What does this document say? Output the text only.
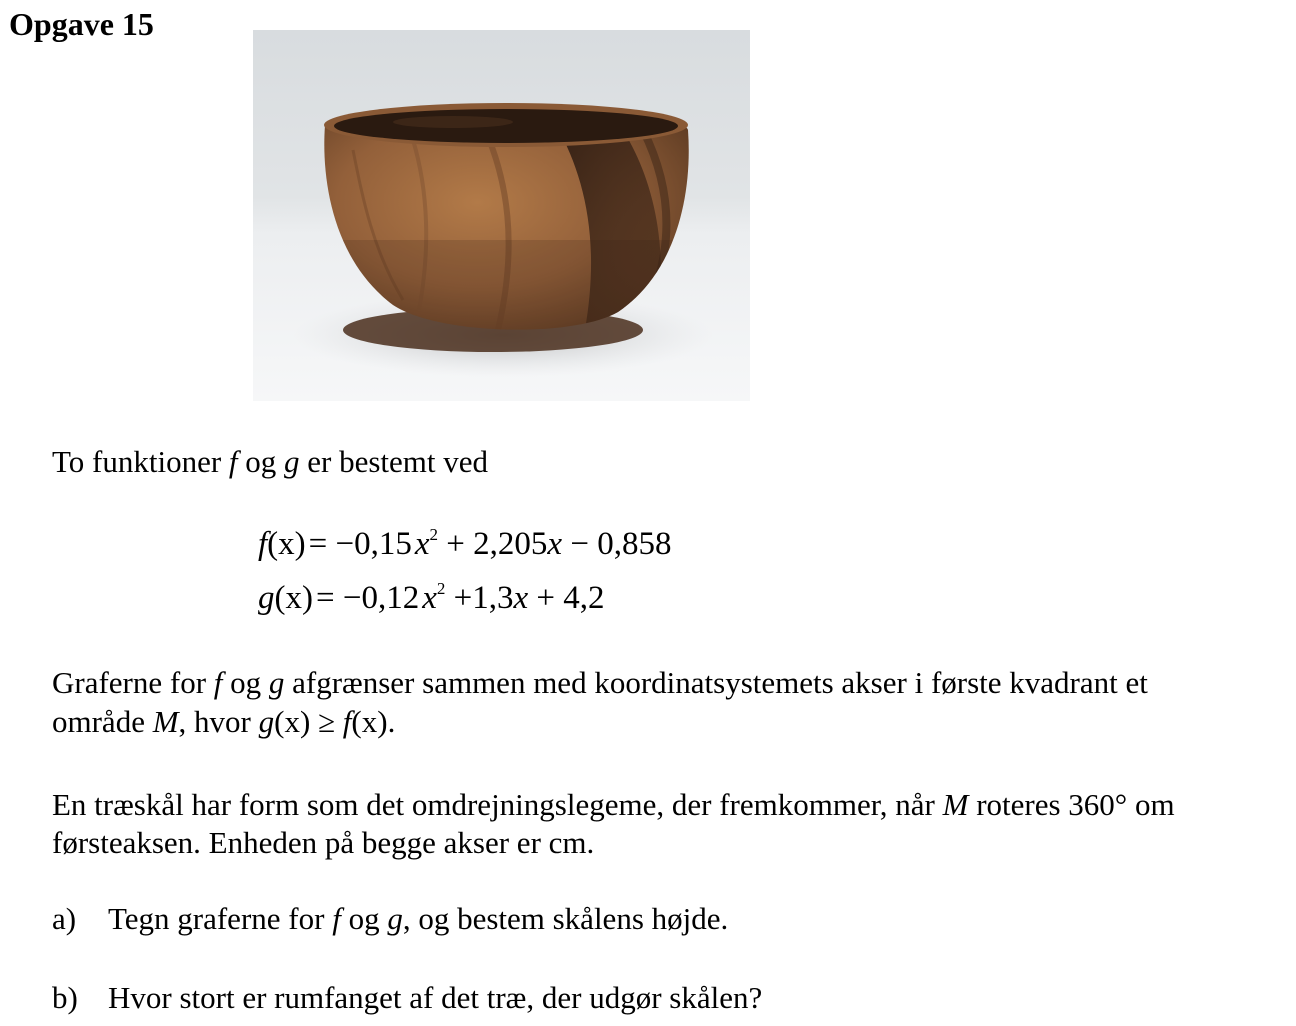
Opgave 15
To funktioner f og g er bestemt ved
$f(x)= -0,15x^2 + 2,205x - 0,858$
$g(x)= -0,12x^2 +1,3x + 4,2$
Graferne for f og g afgrænser sammen med koordinatsystemets akser i første kvadrant et
område M, hvor g(x) ≥ f(x).
En træskål har form som det omdrejningslegeme, der fremkommer, når M roteres 360° om
førsteaksen. Enheden på begge akser er cm.
a) Tegn graferne for f og g, og bestem skålens højde.
b) Hvor stort er rumfanget af det træ, der udgør skålen?
